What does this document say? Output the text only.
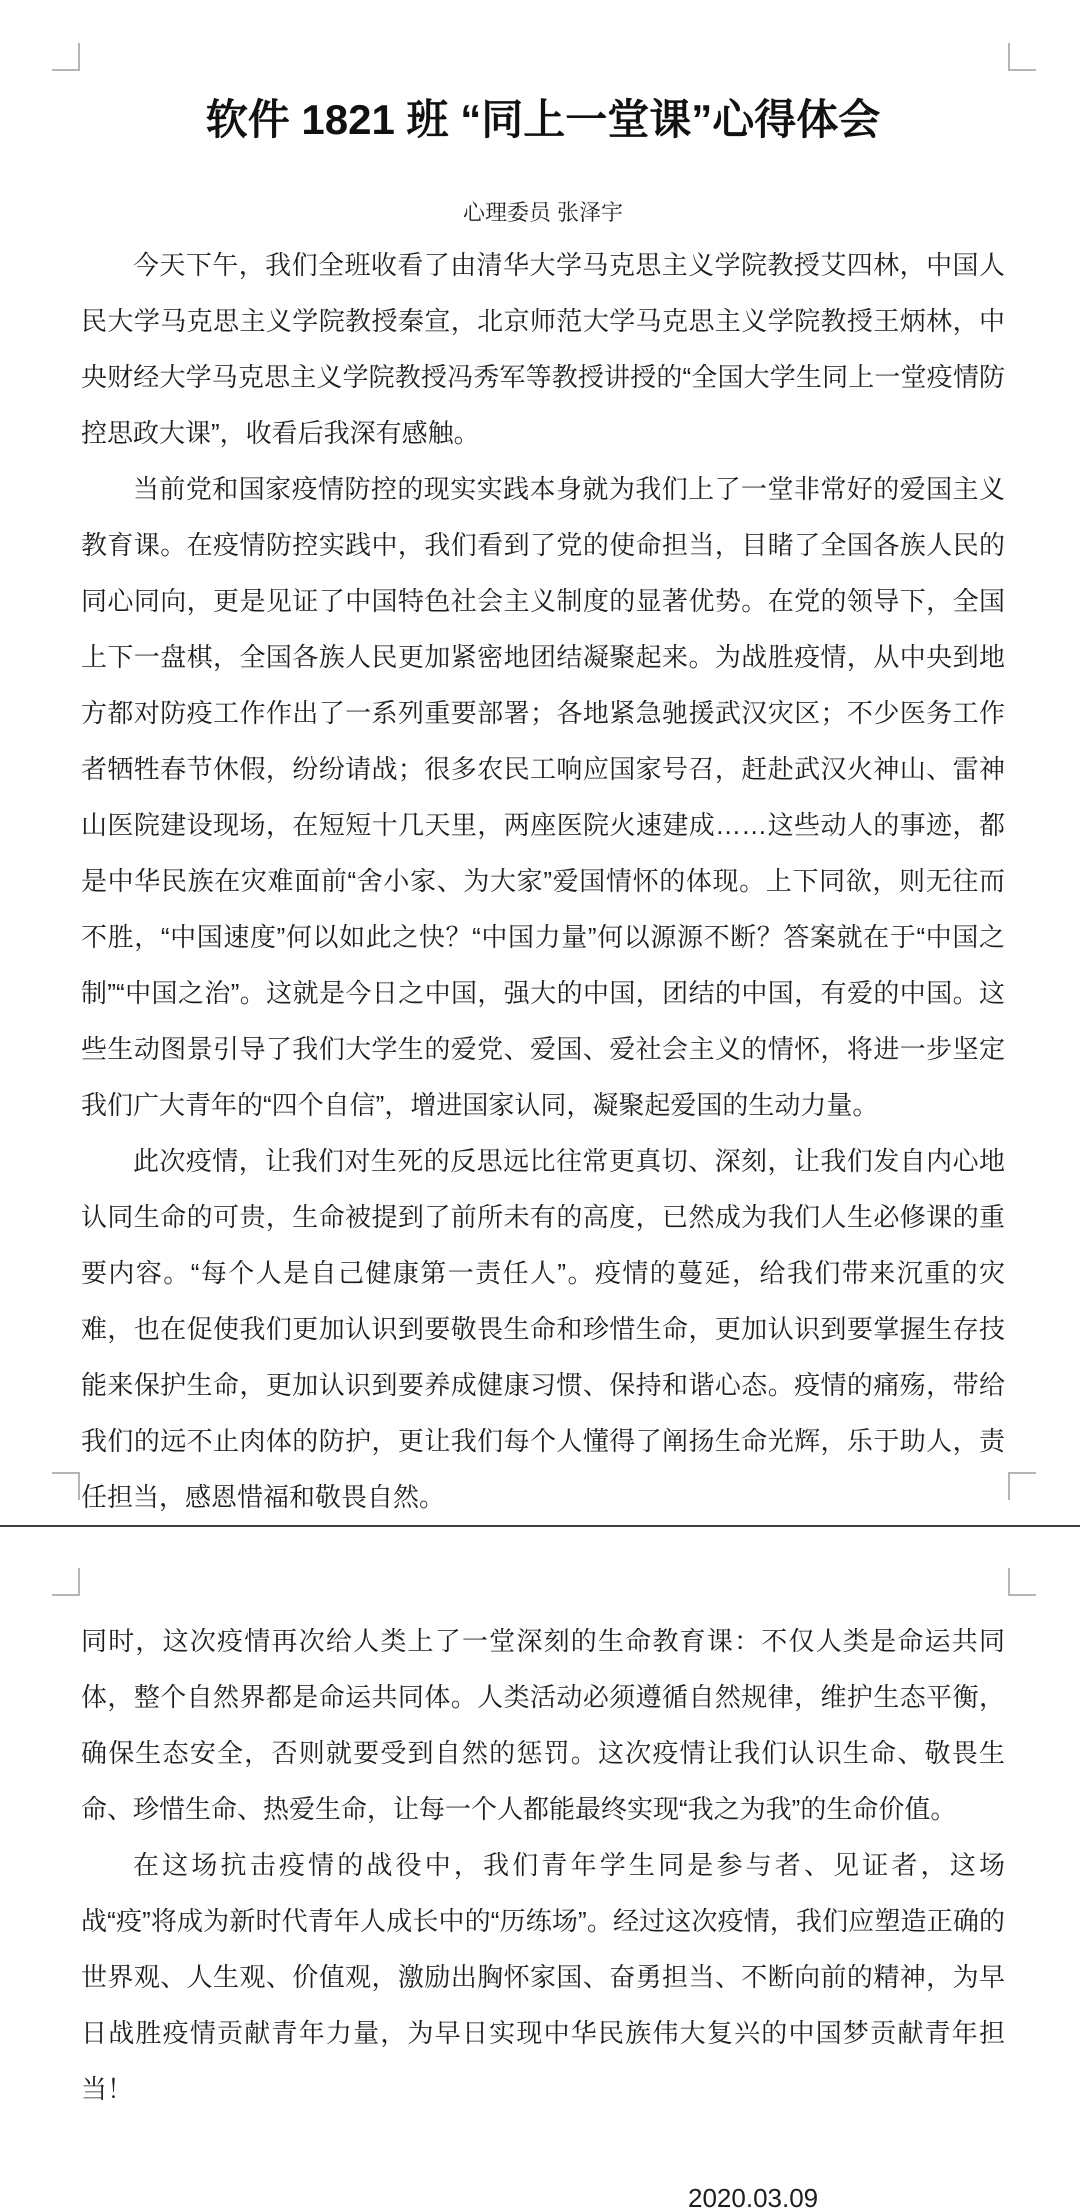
软件 1821 班 “同上一堂课”心得体会
心理委员 张泽宇

今天下午，我们全班收看了由清华大学马克思主义学院教授艾四林，中国人民大学马克思主义学院教授秦宣，北京师范大学马克思主义学院教授王炳林，中央财经大学马克思主义学院教授冯秀军等教授讲授的“全国大学生同上一堂疫情防控思政大课”，收看后我深有感触。

当前党和国家疫情防控的现实实践本身就为我们上了一堂非常好的爱国主义教育课。在疫情防控实践中，我们看到了党的使命担当，目睹了全国各族人民的同心同向，更是见证了中国特色社会主义制度的显著优势。在党的领导下，全国上下一盘棋，全国各族人民更加紧密地团结凝聚起来。为战胜疫情，从中央到地方都对防疫工作作出了一系列重要部署；各地紧急驰援武汉灾区；不少医务工作者牺牲春节休假，纷纷请战；很多农民工响应国家号召，赶赴武汉火神山、雷神山医院建设现场，在短短十几天里，两座医院火速建成……这些动人的事迹，都是中华民族在灾难面前“舍小家、为大家”爱国情怀的体现。上下同欲，则无往而不胜，“中国速度”何以如此之快？“中国力量”何以源源不断？答案就在于“中国之制”“中国之治”。这就是今日之中国，强大的中国，团结的中国，有爱的中国。这些生动图景引导了我们大学生的爱党、爱国、爱社会主义的情怀，将进一步坚定我们广大青年的“四个自信”，增进国家认同，凝聚起爱国的生动力量。

此次疫情，让我们对生死的反思远比往常更真切、深刻，让我们发自内心地认同生命的可贵，生命被提到了前所未有的高度，已然成为我们人生必修课的重要内容。“每个人是自己健康第一责任人”。疫情的蔓延，给我们带来沉重的灾难，也在促使我们更加认识到要敬畏生命和珍惜生命，更加认识到要掌握生存技能来保护生命，更加认识到要养成健康习惯、保持和谐心态。疫情的痛殇，带给我们的远不止肉体的防护，更让我们每个人懂得了阐扬生命光辉，乐于助人，责任担当，感恩惜福和敬畏自然。

同时，这次疫情再次给人类上了一堂深刻的生命教育课：不仅人类是命运共同体，整个自然界都是命运共同体。人类活动必须遵循自然规律，维护生态平衡，确保生态安全，否则就要受到自然的惩罚。这次疫情让我们认识生命、敬畏生命、珍惜生命、热爱生命，让每一个人都能最终实现“我之为我”的生命价值。

在这场抗击疫情的战役中，我们青年学生同是参与者、见证者，这场战“疫”将成为新时代青年人成长中的“历练场”。经过这次疫情，我们应塑造正确的世界观、人生观、价值观，激励出胸怀家国、奋勇担当、不断向前的精神，为早日战胜疫情贡献青年力量，为早日实现中华民族伟大复兴的中国梦贡献青年担当！

2020.03.09
